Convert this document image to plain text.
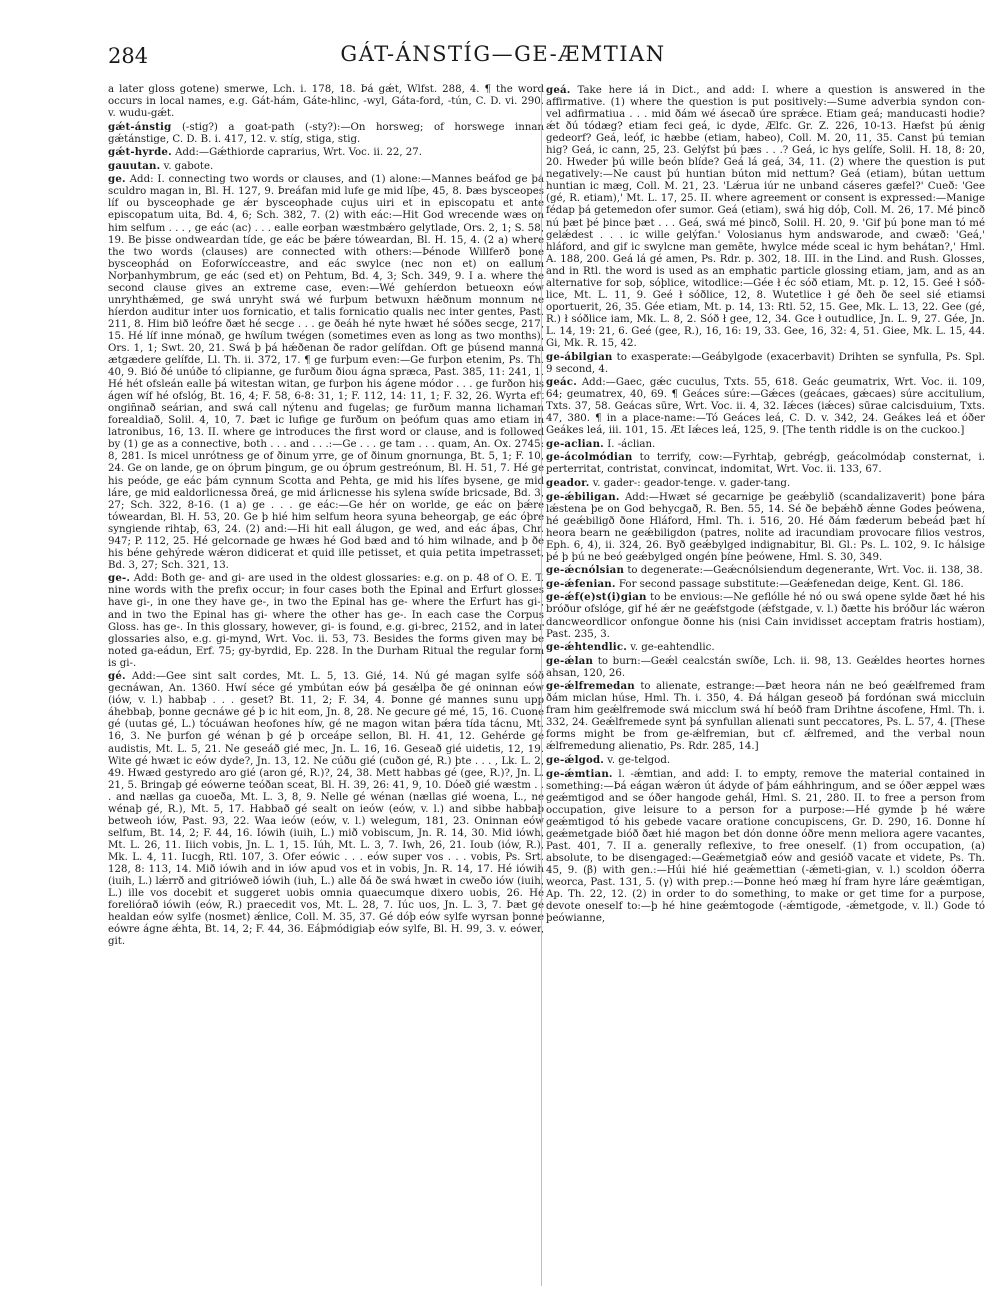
284	GÁT-ÁNSTÍG—GE-ÆMTIAN

a later gloss gotene) smerwe, Lch. i. 178, 18. Þá gǽt, Wlfst. 288, 4. ¶ the word occurs in local names, e.g. Gát-hám, Gáte-hlinc, -wyl, Gáta-ford, -tún, C. D. vi. 290. v. wudu-gǽt.

gǽt-ánstig (-stig?) a goat-path (-sty?):—On horsweg; of horswege innan gǽtánstige, C. D. B. i. 417, 12. v. stíg, stiga, stig.

gǽt-hyrde. Add:—Gǽthiorde caprarius, Wrt. Voc. ii. 22, 27.

gauutan. v. gabote.

ge. Add: I. connecting two words or clauses, and (1) alone:—Mannes beáfod ge þá sculdro magan in, Bl. H. 127, 9. Þreáfan mid lufe ge mid líþe, 45, 8. Þæs bysceopes líf ou bysceophade ge ǽr bysceophade cujus uiri et in episcopatu et ante episcopatum uita, Bd. 4, 6; Sch. 382, 7. (2) with eác:—Hit God wrecende wæs on him selfum . . . , ge eác (ac) . . . ealle eorþan wæstmbǽro gelytlade, Ors. 2, 1; S. 58, 19. Be þisse ondweardan tíde, ge eác be þǽre tóweardan, Bl. H. 15, 4. (2 a) where the two words (clauses) are connected with others:—Þénode Willferð þone bysceophád on Eoforwícceastre, and eác swylce (nec non et) on eallum Norþanhymbrum, ge eác (sed et) on Pehtum, Bd. 4, 3; Sch. 349, 9. I a. where the second clause gives an extreme case, even:—Wé gehíerdon betueoxn eów unryhthǽmed, ge swá unryht swá wé furþum betwuxn hǽðnum monnum ne híerdon auditur inter uos fornicatio, et talis fornicatio qualis nec inter gentes, Past. 211, 8. Him bið leófre ðæt hé secge . . . ge ðeáh hé nyte hwæt hé sóðes secge, 217, 15. Hé líf inne mónað, ge hwílum twégen (sometimes even as long as two months), Ors. 1, 1; Swt. 20, 21. Swá þ þá hǽðenan ðe rador gelífdan. Oft ge þúsend manna ætgædere gelífde, Ll. Th. ii. 372, 17. ¶ ge furþum even:—Ge furþon etenim, Ps. Th. 40, 9. Bió ðé unúðe tó clipianne, ge furðum ðiou ágna spræca, Past. 385, 11: 241, 1. Hé hét ofsleán ealle þá witestan witan, ge furþon his ágene módor . . . ge furðon his ágen wíf hé ofslóg, Bt. 16, 4; F. 58, 6-8: 31, 1; F. 112, 14: 11, 1; F. 32, 26. Wyrta eft ongin̄nað seárian, and swá call nýtenu and fugelas; ge furðum manna lichaman forealdiað, Solil. 4, 10, 7. Þæt ic lufige ge furðum on þeófum quas amo etiam in latronibus, 16, 13. II. where ge introduces the first word or clause, and is followed by (1) ge as a connective, both . . . and . . .:—Ge . . . ge tam . . . quam, An. Ox. 2745: 8, 281. Is micel unrótness ge of ðinum yrre, ge of ðinum gnornunga, Bt. 5, 1; F. 10, 24. Ge on lande, ge on óþrum þingum, ge ou óþrum gestreónum, Bl. H. 51, 7. Hé ge his peóde, ge eác þám cynnum Scotta and Pehta, ge mid his lífes bysene, ge mid láre, ge mid ealdorlicnessa ðreá, ge mid árlicnesse his sylena swíde bricsade, Bd. 3, 27; Sch. 322, 8-16. (1 a) ge . . . ge eác:—Ge hér on worlde, ge eác on þǽre tóweardan, Bl. H. 53, 20. Ge þ hié him selfum heora syuna beheorgaþ, ge eác óþre syngiende rihtaþ, 63, 24. (2) and:—Hi hit eall álugon, ge wed, and eác áþas, Chr. 947; P. 112, 25. Hé gelcornade ge hwæs hé God bæd and tó him wilnade, and þ ðe his béne gehýrede wǽron didicerat et quid ille petisset, et quia petita impetrasset, Bd. 3, 27; Sch. 321, 13.

ge-. Add: Both ge- and gi- are used in the oldest glossaries: e.g. on p. 48 of O. E. T. nine words with the prefix occur; in four cases both the Epinal and Erfurt glosses have gi-, in one they have ge-, in two the Epinal has ge- where the Erfurt has gi-, and in two the Epinal has gi- where the other has ge-. In each case the Corpus Gloss. has ge-. In this glossary, however, gi- is found, e.g. gi-brec, 2152, and in later glossaries also, e.g. gi-mynd, Wrt. Voc. ii. 53, 73. Besides the forms given may be noted ga-eádun, Erf. 75; gy-byrdid, Ep. 228. In the Durham Ritual the regular form is gi-.

gé. Add:—Gee sint salt cordes, Mt. L. 5, 13. Gié, 14. Nú gé magan sylfe sóð gecnáwan, An. 1360. Hwí séce gé ymbútan eów þá gesǽlþa ðe gé oninnan eów (iów, v. l.) habbaþ . . . geset? Bt. 11, 2; F. 34, 4. Þonne gé mannes sunu upp áhebbaþ, þonne gecnáwe gé þ ic hit eom, Jn. 8, 28. Ne gecure gé mé, 15, 16. Cuone gé (uutas gé, L.) tócuáwan heofones híw, gé ne magon witan þǽra tída tácnu, Mt. 16, 3. Ne þurfon gé wénan þ gé þ orceápe sellon, Bl. H. 41, 12. Gehérde gé audistis, Mt. L. 5, 21. Ne geseáð gié mec, Jn. L. 16, 16. Geseað gié uidetis, 12, 19. Wite gé hwæt ic eów dyde?, Jn. 13, 12. Ne cúðu gié (cuðon gé, R.) þte . . . , Lk. L. 2, 49. Hwæd gestyredo aro gié (aron gé, R.)?, 24, 38. Mett habbas gé (gee, R.)?, Jn. L. 21, 5. Bringaþ gé eówerne teóðan sceat, Bl. H. 39, 26: 41, 9, 10. Dóeð gié wæstm . . . and nællas ga cuoeða, Mt. L. 3, 8, 9. Nelle gé wénan (nællas gié woena, L., ne wénaþ gé, R.), Mt. 5, 17. Habbað gé sealt on ieów (eów, v. l.) and sibbe habbaþ betweoh iów, Past. 93, 22. Waa ieów (eów, v. l.) welegum, 181, 23. Oninnan eów selfum, Bt. 14, 2; F. 44, 16. Iówih (iuih, L.) mið vobiscum, Jn. R. 14, 30. Mid iówh, Mt. L. 26, 11. Iiich vobis, Jn. L. 1, 15. Iúh, Mt. L. 3, 7. Iwh, 26, 21. Ioub (iów, R.), Mk. L. 4, 11. Iucgh, Rtl. 107, 3. Ofer eówic . . . eów super vos . . . vobis, Ps. Srt. 128, 8: 113, 14. Mið iówih and in iów apud vos et in vobis, Jn. R. 14, 17. Hé iówih (iuih, L.) lǽrrð and gitrióweð iówih (iuh, L.) alle ðá ðe swá hwæt in cweðo iów (iuih, L.) ille vos docebit et suggeret uobis omnia quaecumque dixero uobis, 26. Hé foreliórað iówih (eów, R.) praecedit vos, Mt. L. 28, 7. Iúc uos, Jn. L. 3, 7. Þæt gé healdan eów sylfe (nosmet) ǽnlice, Coll. M. 35, 37. Gé dóþ eów sylfe wyrsan þonne eówre ágne ǽhta, Bt. 14, 2; F. 44, 36. Eáþmódigiaþ eów sylfe, Bl. H. 99, 3. v. eówer, git.

geá. Take here iá in Dict., and add: I. where a question is answered in the affirmative. (1) where the question is put positively:—Sume adverbia syndon con- vel adfirmatiua . . . mid ðám wé ásecað úre sprǽce. Etiam geá; manducasti hodie? ǽt ðú tódæg? etiam feci geá, ic dyde, Ælfc. Gr. Z. 226, 10-13. Hæfst þú ǽnig gedeorf? Geá, leóf, ic hæbbe (etiam, habeo), Coll. M. 20, 11, 35. Canst þú temian hig? Geá, ic cann, 25, 23. Gelýfst þú þæs . . .? Geá, ic hys gelífe, Solil. H. 18, 8: 20, 20. Hweder þú wille beón blíde? Geá lá geá, 34, 11. (2) where the question is put negatively:—Ne caust þú huntian búton mid nettum? Geá (etiam), bútan uettum huntian ic mæg, Coll. M. 21, 23. 'Lǽrua iúr ne unband cáseres gæfel?' Cueð: 'Gee (gé, R. etiam),' Mt. L. 17, 25. II. where agreement or consent is expressed:—Manige fédap þá getemedon ofer sumor. Geá (etiam), swá hig dóþ, Coll. M. 26, 17. Mé þincð nú þæt þé þince þæt . . . Geá, swá mé þincð, Solil. H. 20, 9. 'Gif þú þone man tó mé gelǽdest . . . ic wille gelýfan.' Volosianus hym andswarode, and cwæð: 'Geá,' hláford, and gif ic swylcne man gemēte, hwylce méde sceal ic hym behátan?,' Hml. A. 188, 200. Geá lá gé amen, Ps. Rdr. p. 302, 18. III. in the Lind. and Rush. Glosses, and in Rtl. the word is used as an emphatic particle glossing etiam, jam, and as an alternative for soþ, sóþlice, witodlice:—Gée ł éc sóð etiam, Mt. p. 12, 15. Geé ł sóð-lice, Mt. L. 11, 9. Geé ł sóðlice, 12, 8. Wutetlice ł gé ðeh ðe seel sié etiamsi oportuerit, 26, 35. Gée etiam, Mt. p. 14, 13: Rtl. 52, 15. Gee, Mk. L. 13, 22. Gee (gé, R.) ł sóðlice iam, Mk. L. 8, 2. Sóð ł gee, 12, 34. Gce ł outudlice, Jn. L. 9, 27. Gée, Jn. L. 14, 19: 21, 6. Geé (gee, R.), 16, 16: 19, 33. Gee, 16, 32: 4, 51. Giee, Mk. L. 15, 44. Gi, Mk. R. 15, 42.

ge-ábilgian to exasperate:—Geábylgode (exacerbavit) Drihten se synfulla, Ps. Spl. 9 second, 4.

geác. Add:—Gaec, gǽc cuculus, Txts. 55, 618. Geác geumatrix, Wrt. Voc. ii. 109, 64; geumatrex, 40, 69. ¶ Geáces súre:—Gǽces (geácaes, gǽcaes) súre accitulium, Txts. 37, 58. Geácas sūre, Wrt. Voc. ii. 4, 32. Iǽces (iǽces) sūrae calcisduium, Txts. 47, 380. ¶ in a place-name:—Tó Geáces leá, C. D. v. 342, 24. Geákes leá et óðer Geákes leá, iii. 101, 15. Æt Iǽces leá, 125, 9. [The tenth riddle is on the cuckoo.]

ge-aclian. I. -áclian.

ge-ácolmódian to terrify, cow:—Fyrhtaþ, gebrégþ, geácolmódaþ consternat, i. perterritat, contristat, convincat, indomitat, Wrt. Voc. ii. 133, 67.

geador. v. gader-: geador-tenge. v. gader-tang.

ge-ǽbiligan. Add:—Hwæt sé gecarnige þe geǽbylið (scandalizaverit) þone þára lǽstena þe on God behycgað, R. Ben. 55, 14. Sé ðe beþǽhð ǽnne Godes þeówena, hé geǽbiligð ðone Hláford, Hml. Th. i. 516, 20. Hé ðám fæderum bebeád þæt hí heora bearn ne geǽbiligdon (patres, nolite ad iracundiam provocare filios vestros, Eph. 6, 4), ii. 324, 26. Byð geǽbylged indignabitur, Bl. Gl.: Ps. L. 102, 9. Ic hálsige þé þ þú ne beó geǽbylged ongén þíne þeówene, Hml. S. 30, 349.

ge-ǽcnólsian to degenerate:—Geǽcnólsiendum degenerante, Wrt. Voc. ii. 138, 38.

ge-ǽfenian. For second passage substitute:—Geǽfenedan deige, Kent. Gl. 186.

ge-ǽf(e)st(i)gian to be envious:—Ne geflólle hé nó ou swá opene sylde ðæt hé his bróður ofslóge, gif hé ǽr ne geǽfstgode (ǽfstgade, v. l.) ðætte his bróður lác wǽron dancweordlicor onfongue ðonne his (nisi Cain invidisset acceptam fratris hostiam), Past. 235, 3.

ge-ǽhtendlic. v. ge-eahtendlic.

ge-ǽlan to burn:—Geǽl cealcstán swíðe, Lch. ii. 98, 13. Geǽldes heortes hornes ahsan, 120, 26.

ge-ǽlfremedan to alienate, estrange:—Þæt heora nán ne beó geǽlfremed fram ðám miclan húse, Hml. Th. i. 350, 4. Ðá hálgan geseoð þá fordónan swá miccluin fram him geǽlfremode swá micclum swá hí beóð fram Drihtne áscofene, Hml. Th. i. 332, 24. Geǽlfremede synt þá synfullan alienati sunt peccatores, Ps. L. 57, 4. [These forms might be from ge-ǽlfremian, but cf. ǽlfremed, and the verbal noun ǽlfremedung alienatio, Ps. Rdr. 285, 14.]

ge-ǽlgod. v. ge-telgod.

ge-ǽmtian. l. -ǽmtian, and add: I. to empty, remove the material contained in something:—Þá eágan wǽron út ádyde of þám eáhhringum, and se óðer æppel wæs geǽmtigod and se óðer hangode gehál, Hml. S. 21, 280. II. to free a person from occupation, give leisure to a person for a purpose:—Hé gymde þ hé wǽre geǽmtigod tó his gebede vacare oratione concupiscens, Gr. D. 290, 16. Donne hí geǽmetgade bióð ðæt hié magon bet dón donne óðre menn meliora agere vacantes, Past. 401, 7. II a. generally reflexive, to free oneself. (1) from occupation, (a) absolute, to be disengaged:—Geǽmetgiað eów and gesióð vacate et videte, Ps. Th. 45, 9. (β) with gen.:—Húi hié hié geǽmettian (-ǽmeti-gian, v. l.) scoldon óðerra weorca, Past. 131, 5. (γ) with prep.:—Þonne heó mæg hí fram hyre láre geǽmtigan, Ap. Th. 22, 12. (2) in order to do something, to make or get time for a purpose, devote oneself to:—þ hé hine geǽmtogode (-ǽmtigode, -ǽmetgode, v. ll.) Gode tó þeówianne,
